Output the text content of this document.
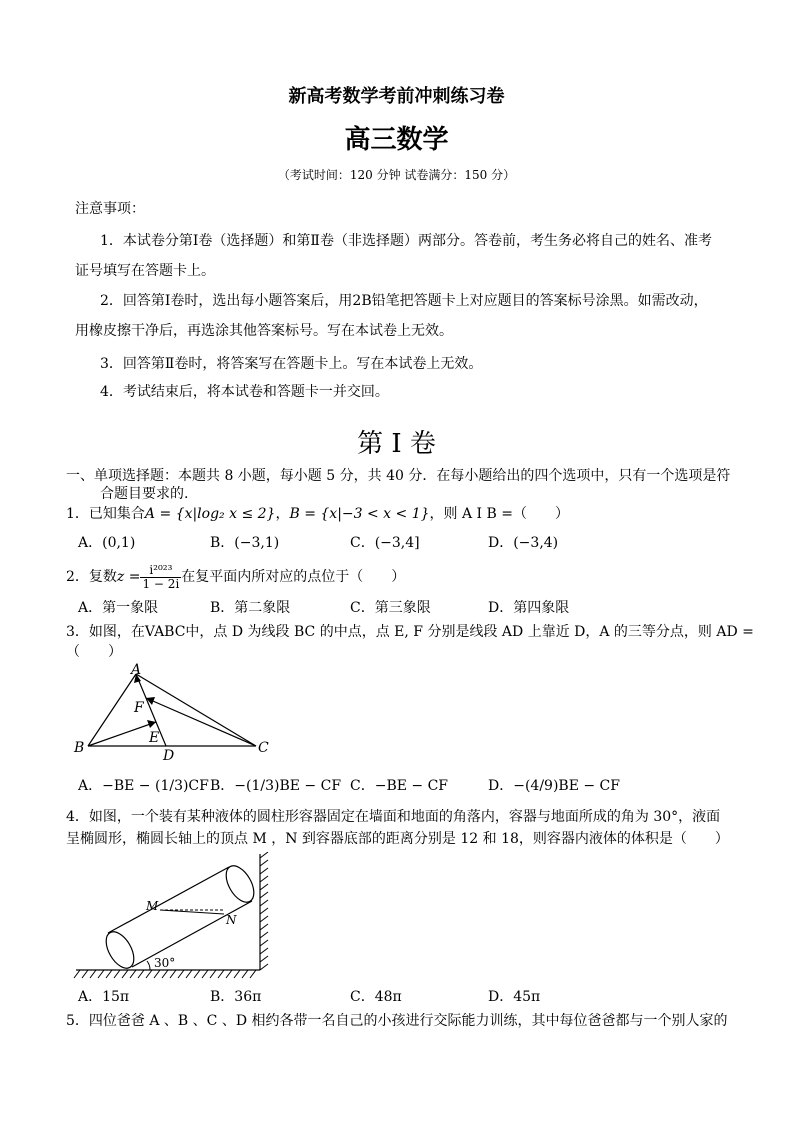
新高考数学考前冲刺练习卷
高三数学
（考试时间：120 分钟 试卷满分：150 分）
注意事项：
1．本试卷分第Ⅰ卷（选择题）和第Ⅱ卷（非选择题）两部分。答卷前，考生务必将自己的姓名、准考
证号填写在答题卡上。
2．回答第Ⅰ卷时，选出每小题答案后，用2B铅笔把答题卡上对应题目的答案标号涂黑。如需改动，
用橡皮擦干净后，再选涂其他答案标号。写在本试卷上无效。
3．回答第Ⅱ卷时，将答案写在答题卡上。写在本试卷上无效。
4．考试结束后，将本试卷和答题卡一并交回。
第 I 卷
一、单项选择题：本题共 8 小题，每小题 5 分，共 40 分．在每小题给出的四个选项中，只有一个选项是符
合题目要求的.
1．已知集合A = {x|log₂ x ≤ 2}，B = {x|−3 < x < 1}，则 A I B =（　　）
A．(0,1)	B．(−3,1)	C．(−3,4]	D．(−3,4)
2．复数$z = \frac{\text{i²⁰²³}}{1 - 2i}$ 在复平面内所对应的点位于（　　）
A．第一象限	B．第二象限	C．第三象限	D．第四象限
3．如图，在VABC中，点 D 为线段 BC 的中点，点 E, F 分别是线段 AD 上靠近 D，A 的三等分点，则 AD =
（　　）
A
F
E
B	D	C
A．−BE − (1/3)CF B．−(1/3)BE − CF C．−BE − CF	D．−(4/9)BE − CF
4．如图，一个装有某种液体的圆柱形容器固定在墙面和地面的角落内，容器与地面所成的角为 30°，液面
呈椭圆形，椭圆长轴上的顶点 M ，N 到容器底部的距离分别是 12 和 18，则容器内液体的体积是（　　）
M
N
30°
A．15π	B．36π	C．48π	D．45π
5．四位爸爸 A 、B 、C 、D 相约各带一名自己的小孩进行交际能力训练，其中每位爸爸都与一个别人家的
